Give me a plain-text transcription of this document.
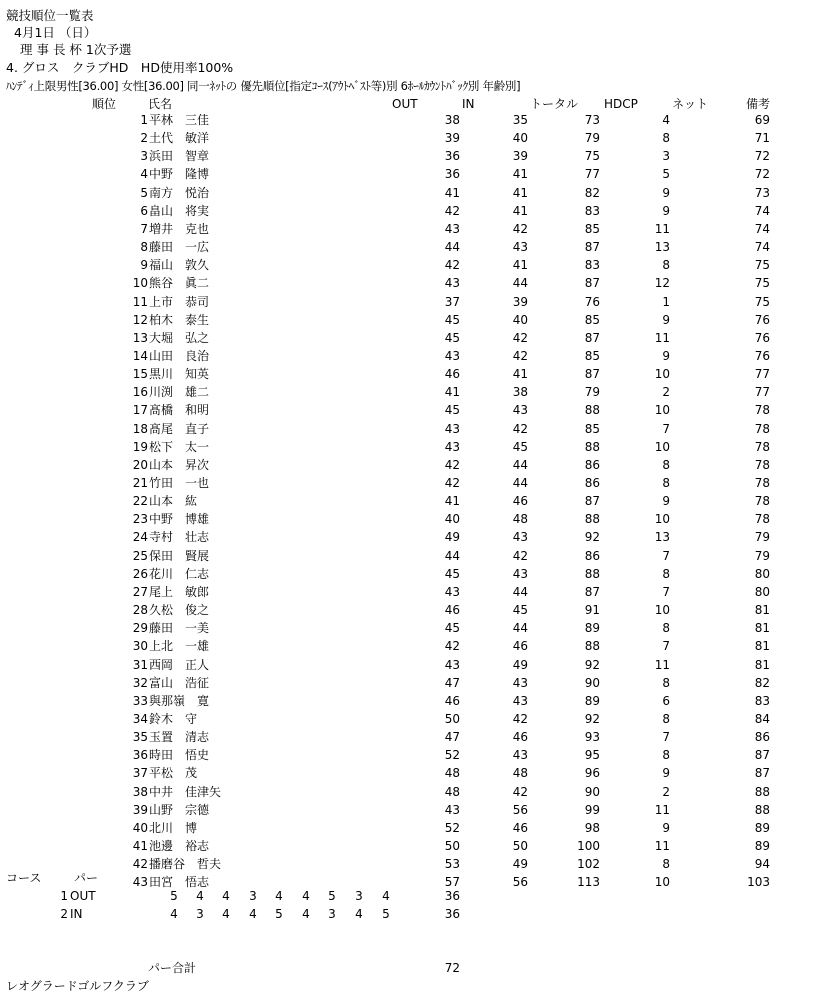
競技順位一覧表
4月1日 （日）
理 事 長 杯 1次予選
4. グロス　クラブHD　HD使用率100%
ﾊﾝﾃﾞｨ上限男性[36.00] 女性[36.00] 同一ﾈｯﾄの 優先順位[指定ｺｰｽ(ｱｳﾄﾍﾞｽﾄ等)別 6ﾎｰﾙｶｳﾝﾄﾊﾞｯｸ別 年齢別]
順位	氏名	OUT	IN	トータル HDCP	ネット	備考
1 平林　三佳	38	35	73	4	69
2 土代　敏洋	39	40	79	8	71
3 浜田　智章	36	39	75	3	72
4 中野　隆博	36	41	77	5	72
5 南方　悦治	41	41	82	9	73
6 畠山　将実	42	41	83	9	74
7 増井　克也	43	42	85	11	74
8 藤田　一広	44	43	87	13	74
9 福山　敦久	42	41	83	8	75
10 熊谷　眞二	43	44	87	12	75
11 上市　恭司	37	39	76	1	75
12 柏木　泰生	45	40	85	9	76
13 大堀　弘之	45	42	87	11	76
14 山田　良治	43	42	85	9	76
15 黒川　知英	46	41	87	10	77
16 川渕　雄二	41	38	79	2	77
17 髙橋　和明	45	43	88	10	78
18 髙尾　直子	43	42	85	7	78
19 松下　太一	43	45	88	10	78
20 山本　昇次	42	44	86	8	78
21 竹田　一也	42	44	86	8	78
22 山本　紘	41	46	87	9	78
23 中野　博雄	40	48	88	10	78
24 寺村　壮志	49	43	92	13	79
25 保田　賢展	44	42	86	7	79
26 花川　仁志	45	43	88	8	80
27 尾上　敏郎	43	44	87	7	80
28 久松　俊之	46	45	91	10	81
29 藤田　一美	45	44	89	8	81
30 上北　一雄	42	46	88	7	81
31 西岡　正人	43	49	92	11	81
32 富山　浩征	47	43	90	8	82
33 與那嶺　寛	46	43	89	6	83
34 鈴木　守	50	42	92	8	84
35 玉置　清志	47	46	93	7	86
36 時田　悟史	52	43	95	8	87
37 平松　茂	48	48	96	9	87
38 中井　佳津矢	48	42	90	2	88
39 山野　宗德	43	56	99	11	88
40 北川　博	52	46	98	9	89
41 池邊　裕志	50	50	100	11	89
42 播磨谷　哲夫	53	49	102	8	94
43 田宮　悟志	57	56	113	10	103
コース	パー
1 OUT	5 4 4 3 4 4 5 3 4	36
2 IN	4 3 4 4 5 4 3 4 5	36
パー合計	72
レオグラードゴルフクラブ
